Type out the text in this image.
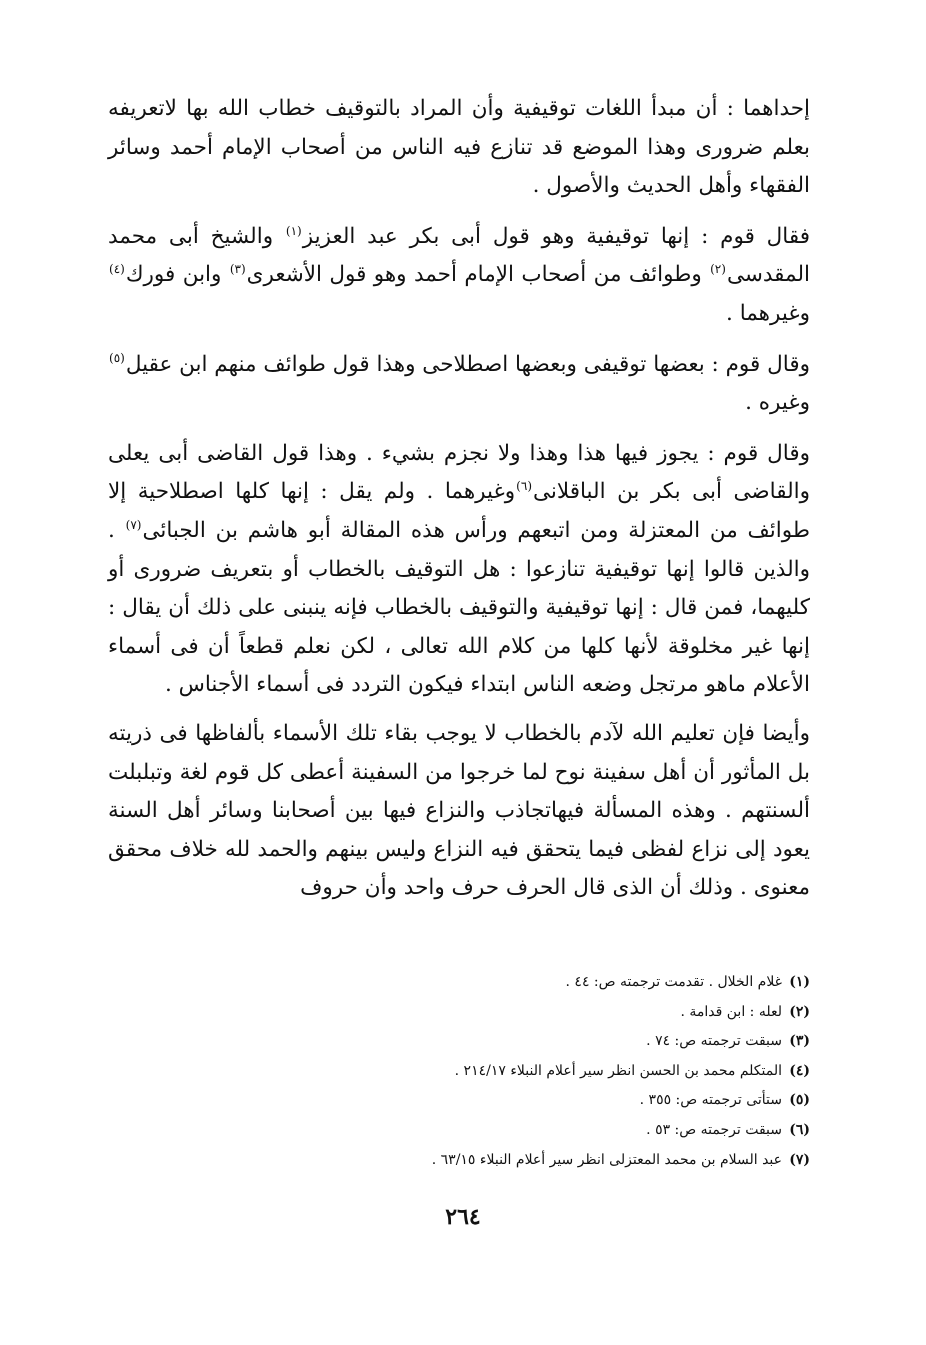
إحداهما : أن مبدأ اللغات توقيفية وأن المراد بالتوقيف خطاب الله بها لاتعريفه بعلم ضرورى وهذا الموضع قد تنازع فيه الناس من أصحاب الإمام أحمد وسائر الفقهاء وأهل الحديث والأصول .

فقال قوم : إنها توقيفية وهو قول أبى بكر عبد العزيز$^{(١)}$ والشيخ أبى محمد المقدسى$^{(٢)}$ وطوائف من أصحاب الإمام أحمد وهو قول الأشعرى$^{(٣)}$ وابن فورك$^{(٤)}$ وغيرهما .

وقال قوم : بعضها توقيفى وبعضها اصطلاحى وهذا قول طوائف منهم ابن عقيل$^{(٥)}$ وغيره .

وقال قوم : يجوز فيها هذا وهذا ولا نجزم بشيء . وهذا قول القاضى أبى يعلى والقاضى أبى بكر بن الباقلانى$^{(٦)}$وغيرهما . ولم يقل : إنها كلها اصطلاحية إلا طوائف من المعتزلة ومن اتبعهم ورأس هذه المقالة أبو هاشم بن الجبائى$^{(٧)}$ . والذين قالوا إنها توقيفية تنازعوا : هل التوقيف بالخطاب أو بتعريف ضرورى أو كليهما، فمن قال : إنها توقيفية والتوقيف بالخطاب فإنه ينبنى على ذلك أن يقال : إنها غير مخلوقة لأنها كلها من كلام الله تعالى ، لكن نعلم قطعاً أن فى أسماء الأعلام ماهو مرتجل وضعه الناس ابتداء فيكون التردد فى أسماء الأجناس .

وأيضا فإن تعليم الله لآدم بالخطاب لا يوجب بقاء تلك الأسماء بألفاظها فى ذريته بل المأثور أن أهل سفينة نوح لما خرجوا من السفينة أعطى كل قوم لغة وتبلبلت ألسنتهم . وهذه المسألة فيهاتجاذب والنزاع فيها بين أصحابنا وسائر أهل السنة يعود إلى نزاع لفظى فيما يتحقق فيه النزاع وليس بينهم والحمد لله خلاف محقق معنوى . وذلك أن الذى قال الحرف حرف واحد وأن حروف

(١)غلام الخلال . تقدمت ترجمته ص: ٤٤ .
(٢)لعله : ابن قدامة .
(٣)سبقت ترجمته ص: ٧٤ .
(٤)المتكلم محمد بن الحسن انظر سير أعلام النبلاء ٢١٤/١٧ .
(٥)ستأتى ترجمته ص: ٣٥٥ .
(٦)سبقت ترجمته ص: ٥٣ .
(٧)عبد السلام بن محمد المعتزلى انظر سير أعلام النبلاء ٦٣/١٥ .
٢٦٤
